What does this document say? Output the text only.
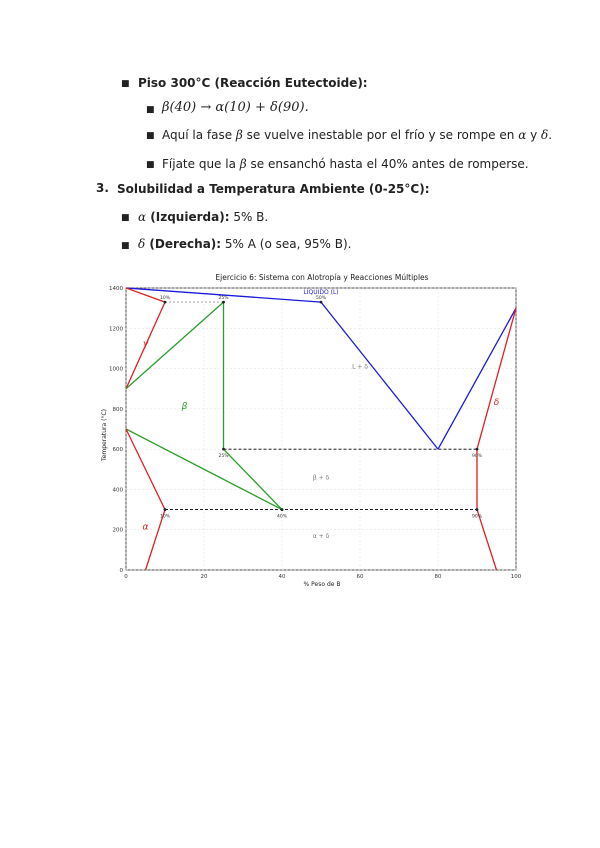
■ Piso 300°C (Reacción Eutectoide):
■ β(40) → α(10) + δ(90).
■ Aquí la fase β se vuelve inestable por el frío y se rompe en α y δ.
■ Fíjate que la β se ensanchó hasta el 40% antes de romperse.
3. Solubilidad a Temperatura Ambiente (0-25°C):
■ α (Izquierda): 5% B.
■ δ (Derecha): 5% A (o sea, 95% B).
Ejercicio 6: Sistema con Alotropía y Reacciones Múltiples
% Peso de B
Temperatura (°C)
0	20	40	60	80	100
0
200
400
600
800
1000
1200
1400
10%	25%	50%
25%	90%
10%	40%	90%
LÍQUIDO (L)
L + δ
β + δ
α + δ
β
γ
α
δ
